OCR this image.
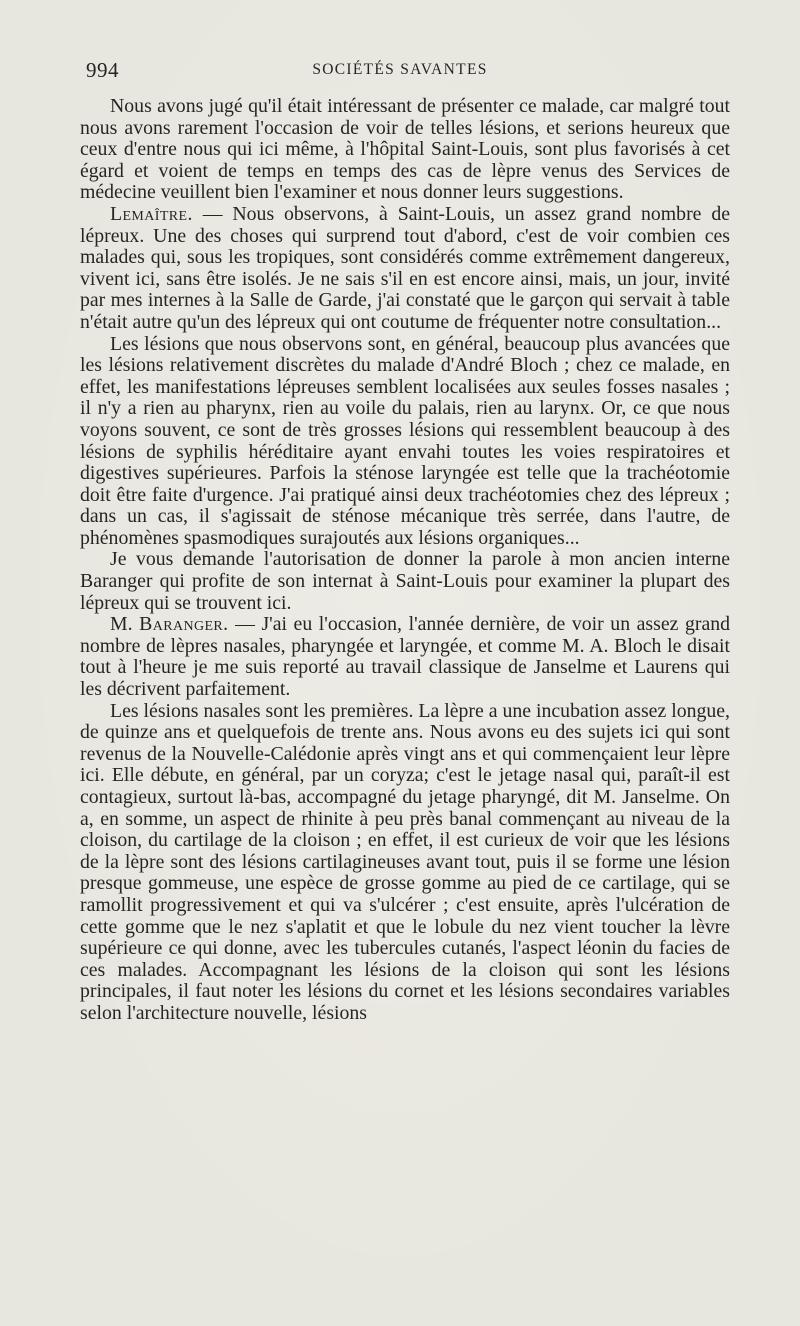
994	SOCIÉTÉS SAVANTES

Nous avons jugé qu'il était intéressant de présenter ce malade, car malgré tout nous avons rarement l'occasion de voir de telles lésions, et serions heureux que ceux d'entre nous qui ici même, à l'hôpital Saint-Louis, sont plus favorisés à cet égard et voient de temps en temps des cas de lèpre venus des Services de médecine veuillent bien l'examiner et nous donner leurs suggestions.

Lemaître. — Nous observons, à Saint-Louis, un assez grand nombre de lépreux. Une des choses qui surprend tout d'abord, c'est de voir combien ces malades qui, sous les tropiques, sont considérés comme extrêmement dangereux, vivent ici, sans être isolés. Je ne sais s'il en est encore ainsi, mais, un jour, invité par mes internes à la Salle de Garde, j'ai constaté que le garçon qui servait à table n'était autre qu'un des lépreux qui ont coutume de fréquenter notre consultation...

Les lésions que nous observons sont, en général, beaucoup plus avancées que les lésions relativement discrètes du malade d'André Bloch ; chez ce malade, en effet, les manifestations lépreuses semblent localisées aux seules fosses nasales ; il n'y a rien au pharynx, rien au voile du palais, rien au larynx. Or, ce que nous voyons souvent, ce sont de très grosses lésions qui ressemblent beaucoup à des lésions de syphilis héréditaire ayant envahi toutes les voies respiratoires et digestives supérieures. Parfois la sténose laryngée est telle que la trachéotomie doit être faite d'urgence. J'ai pratiqué ainsi deux trachéotomies chez des lépreux ; dans un cas, il s'agissait de sténose mécanique très serrée, dans l'autre, de phénomènes spasmodiques surajoutés aux lésions organiques...

Je vous demande l'autorisation de donner la parole à mon ancien interne Baranger qui profite de son internat à Saint-Louis pour examiner la plupart des lépreux qui se trouvent ici.

M. Baranger. — J'ai eu l'occasion, l'année dernière, de voir un assez grand nombre de lèpres nasales, pharyngée et laryngée, et comme M. A. Bloch le disait tout à l'heure je me suis reporté au travail classique de Janselme et Laurens qui les décrivent parfaitement.

Les lésions nasales sont les premières. La lèpre a une incubation assez longue, de quinze ans et quelquefois de trente ans. Nous avons eu des sujets ici qui sont revenus de la Nouvelle-Calédonie après vingt ans et qui commençaient leur lèpre ici. Elle débute, en général, par un coryza; c'est le jetage nasal qui, paraît-il est contagieux, surtout là-bas, accompagné du jetage pharyngé, dit M. Janselme. On a, en somme, un aspect de rhinite à peu près banal commençant au niveau de la cloison, du cartilage de la cloison ; en effet, il est curieux de voir que les lésions de la lèpre sont des lésions cartilagineuses avant tout, puis il se forme une lésion presque gommeuse, une espèce de grosse gomme au pied de ce cartilage, qui se ramollit progressivement et qui va s'ulcérer ; c'est ensuite, après l'ulcération de cette gomme que le nez s'aplatit et que le lobule du nez vient toucher la lèvre supérieure ce qui donne, avec les tubercules cutanés, l'aspect léonin du facies de ces malades. Accompagnant les lésions de la cloison qui sont les lésions principales, il faut noter les lésions du cornet et les lésions secondaires variables selon l'architecture nouvelle, lésions
